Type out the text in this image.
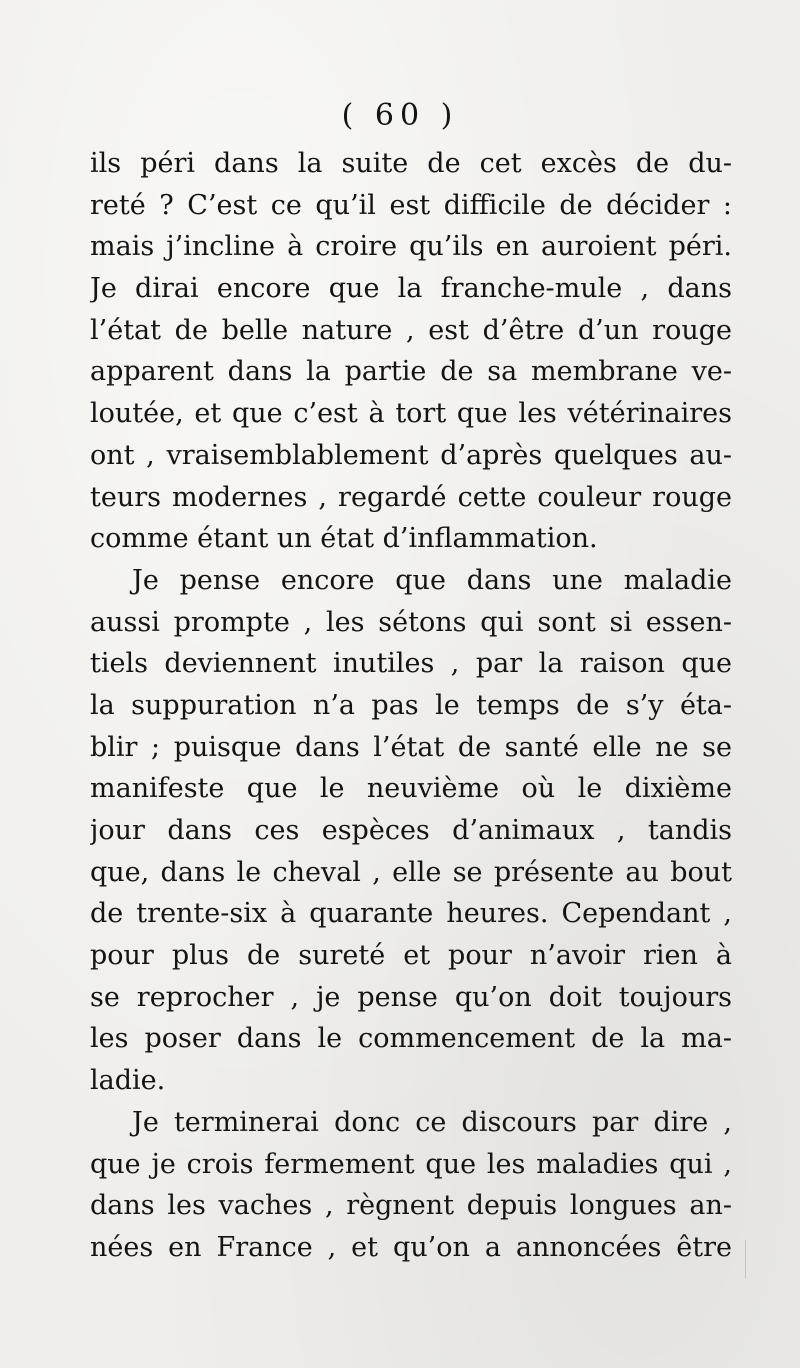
( 60 )
ils péri dans la suite de cet excès de du-
reté ? C’est ce qu’il est difficile de décider :
mais j’incline à croire qu’ils en auroient péri.
Je dirai encore que la franche-mule , dans
l’état de belle nature , est d’être d’un rouge
apparent dans la partie de sa membrane ve-
loutée, et que c’est à tort que les vétérinaires
ont , vraisemblablement d’après quelques au-
teurs modernes , regardé cette couleur rouge
comme étant un état d’inflammation.
Je pense encore que dans une maladie
aussi prompte , les sétons qui sont si essen-
tiels deviennent inutiles , par la raison que
la suppuration n’a pas le temps de s’y éta-
blir ; puisque dans l’état de santé elle ne se
manifeste que le neuvième où le dixième
jour dans ces espèces d’animaux , tandis
que, dans le cheval , elle se présente au bout
de trente-six à quarante heures. Cependant ,
pour plus de sureté et pour n’avoir rien à
se reprocher , je pense qu’on doit toujours
les poser dans le commencement de la ma-
ladie.
Je terminerai donc ce discours par dire ,
que je crois fermement que les maladies qui ,
dans les vaches , règnent depuis longues an-
nées en France , et qu’on a annoncées être
